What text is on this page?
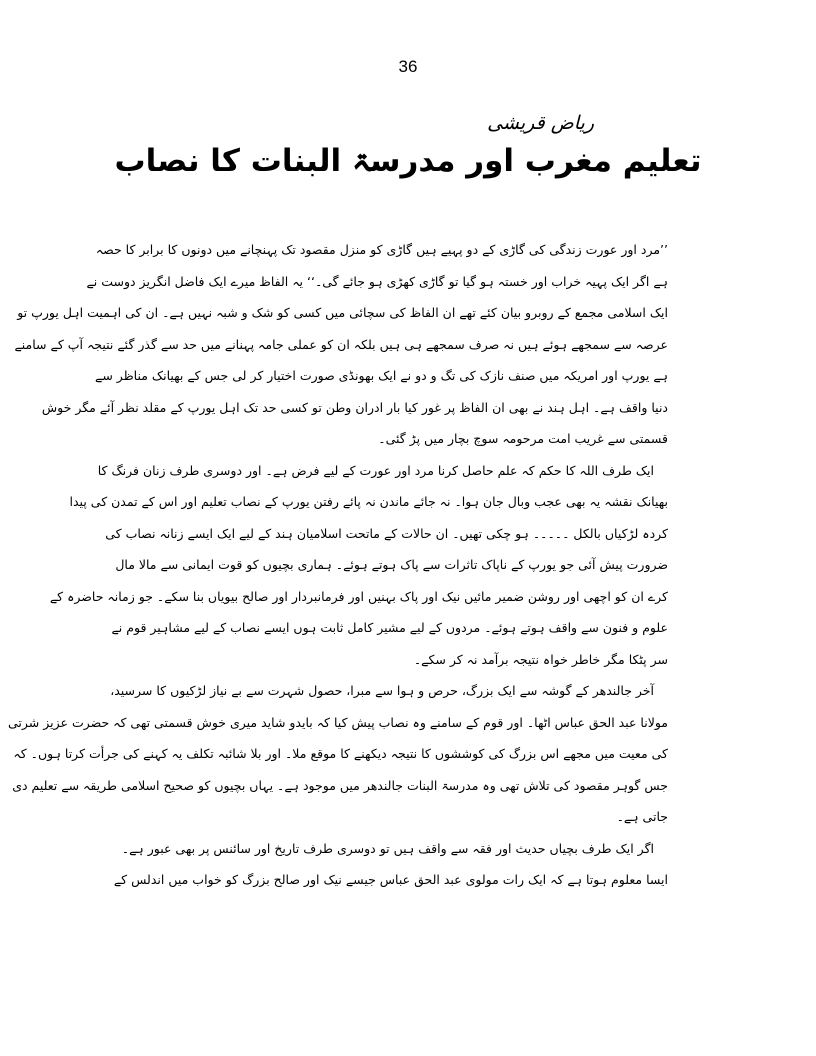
36
ریاض قریشی
تعلیم مغرب اور مدرسۃ البنات کا نصاب
’’مرد اور عورت زندگی کی گاڑی کے دو پہیے ہیں گاڑی کو منزل مقصود تک پہنچانے میں دونوں کا برابر کا حصہ
ہے اگر ایک پہیہ خراب اور خستہ ہو گیا تو گاڑی کھڑی ہو جائے گی۔‘‘ یہ الفاظ میرے ایک فاضل انگریز دوست نے
ایک اسلامی مجمع کے روبرو بیان کئے تھے ان الفاظ کی سچائی میں کسی کو شک و شبہ نہیں ہے۔ ان کی اہمیت اہل یورپ تو
عرصہ سے سمجھے ہوئے ہیں نہ صرف سمجھے ہی ہیں بلکہ ان کو عملی جامہ پہنانے میں حد سے گذر گئے نتیجہ آپ کے سامنے
ہے یورپ اور امریکہ میں صنف نازک کی تگ و دو نے ایک بھونڈی صورت اختیار کر لی جس کے بھیانک مناظر سے
دنیا واقف ہے۔ اہل ہند نے بھی ان الفاظ پر غور کیا بار ادران وطن تو کسی حد تک اہل یورپ کے مقلد نظر آئے مگر خوش
قسمتی سے غریب امت مرحومہ سوچ بچار میں پڑ گئی۔
ایک طرف اللہ کا حکم کہ علم حاصل کرنا مرد اور عورت کے لیے فرض ہے۔ اور دوسری طرف زنان فرنگ کا
بھیانک نقشہ یہ بھی عجب وبال جان ہوا۔ نہ جائے ماندن نہ پائے رفتن یورپ کے نصاب تعلیم اور اس کے تمدن کی پیدا
کردہ لڑکیاں بالکل ۔۔۔۔۔ ہو چکی تھیں۔ ان حالات کے ماتحت اسلامیان ہند کے لیے ایک ایسے زنانہ نصاب کی
ضرورت پیش آئی جو یورپ کے ناپاک تاثرات سے پاک ہوتے ہوئے۔ ہماری بچیوں کو قوت ایمانی سے مالا مال
کرے ان کو اچھی اور روشن ضمیر مائیں نیک اور پاک بہنیں اور فرمانبردار اور صالح بیویاں بنا سکے۔ جو زمانہ حاضرہ کے
علوم و فنون سے واقف ہوتے ہوئے۔ مردوں کے لیے مشیر کامل ثابت ہوں ایسے نصاب کے لیے مشاہیر قوم نے
سر پٹکا مگر خاطر خواہ نتیجہ برآمد نہ کر سکے۔
آخر جالندھر کے گوشہ سے ایک بزرگ، حرص و ہوا سے مبرا، حصول شہرت سے بے نیاز لڑکیوں کا سرسید،
مولانا عبد الحق عباس اٹھا۔ اور قوم کے سامنے وہ نصاب پیش کیا کہ بایدو شاید میری خوش قسمتی تھی کہ حضرت عزیز شرتی
کی معیت میں مجھے اس بزرگ کی کوششوں کا نتیجہ دیکھنے کا موقع ملا۔ اور بلا شائبہ تکلف یہ کہنے کی جرأت کرتا ہوں۔ کہ
جس گوہر مقصود کی تلاش تھی وہ مدرسۃ البنات جالندھر میں موجود ہے۔ یہاں بچیوں کو صحیح اسلامی طریقہ سے تعلیم دی
جاتی ہے۔
اگر ایک طرف بچیاں حدیث اور فقہ سے واقف ہیں تو دوسری طرف تاریخ اور سائنس پر بھی عبور ہے۔
ایسا معلوم ہوتا ہے کہ ایک رات مولوی عبد الحق عباس جیسے نیک اور صالح بزرگ کو خواب میں اندلس کے
